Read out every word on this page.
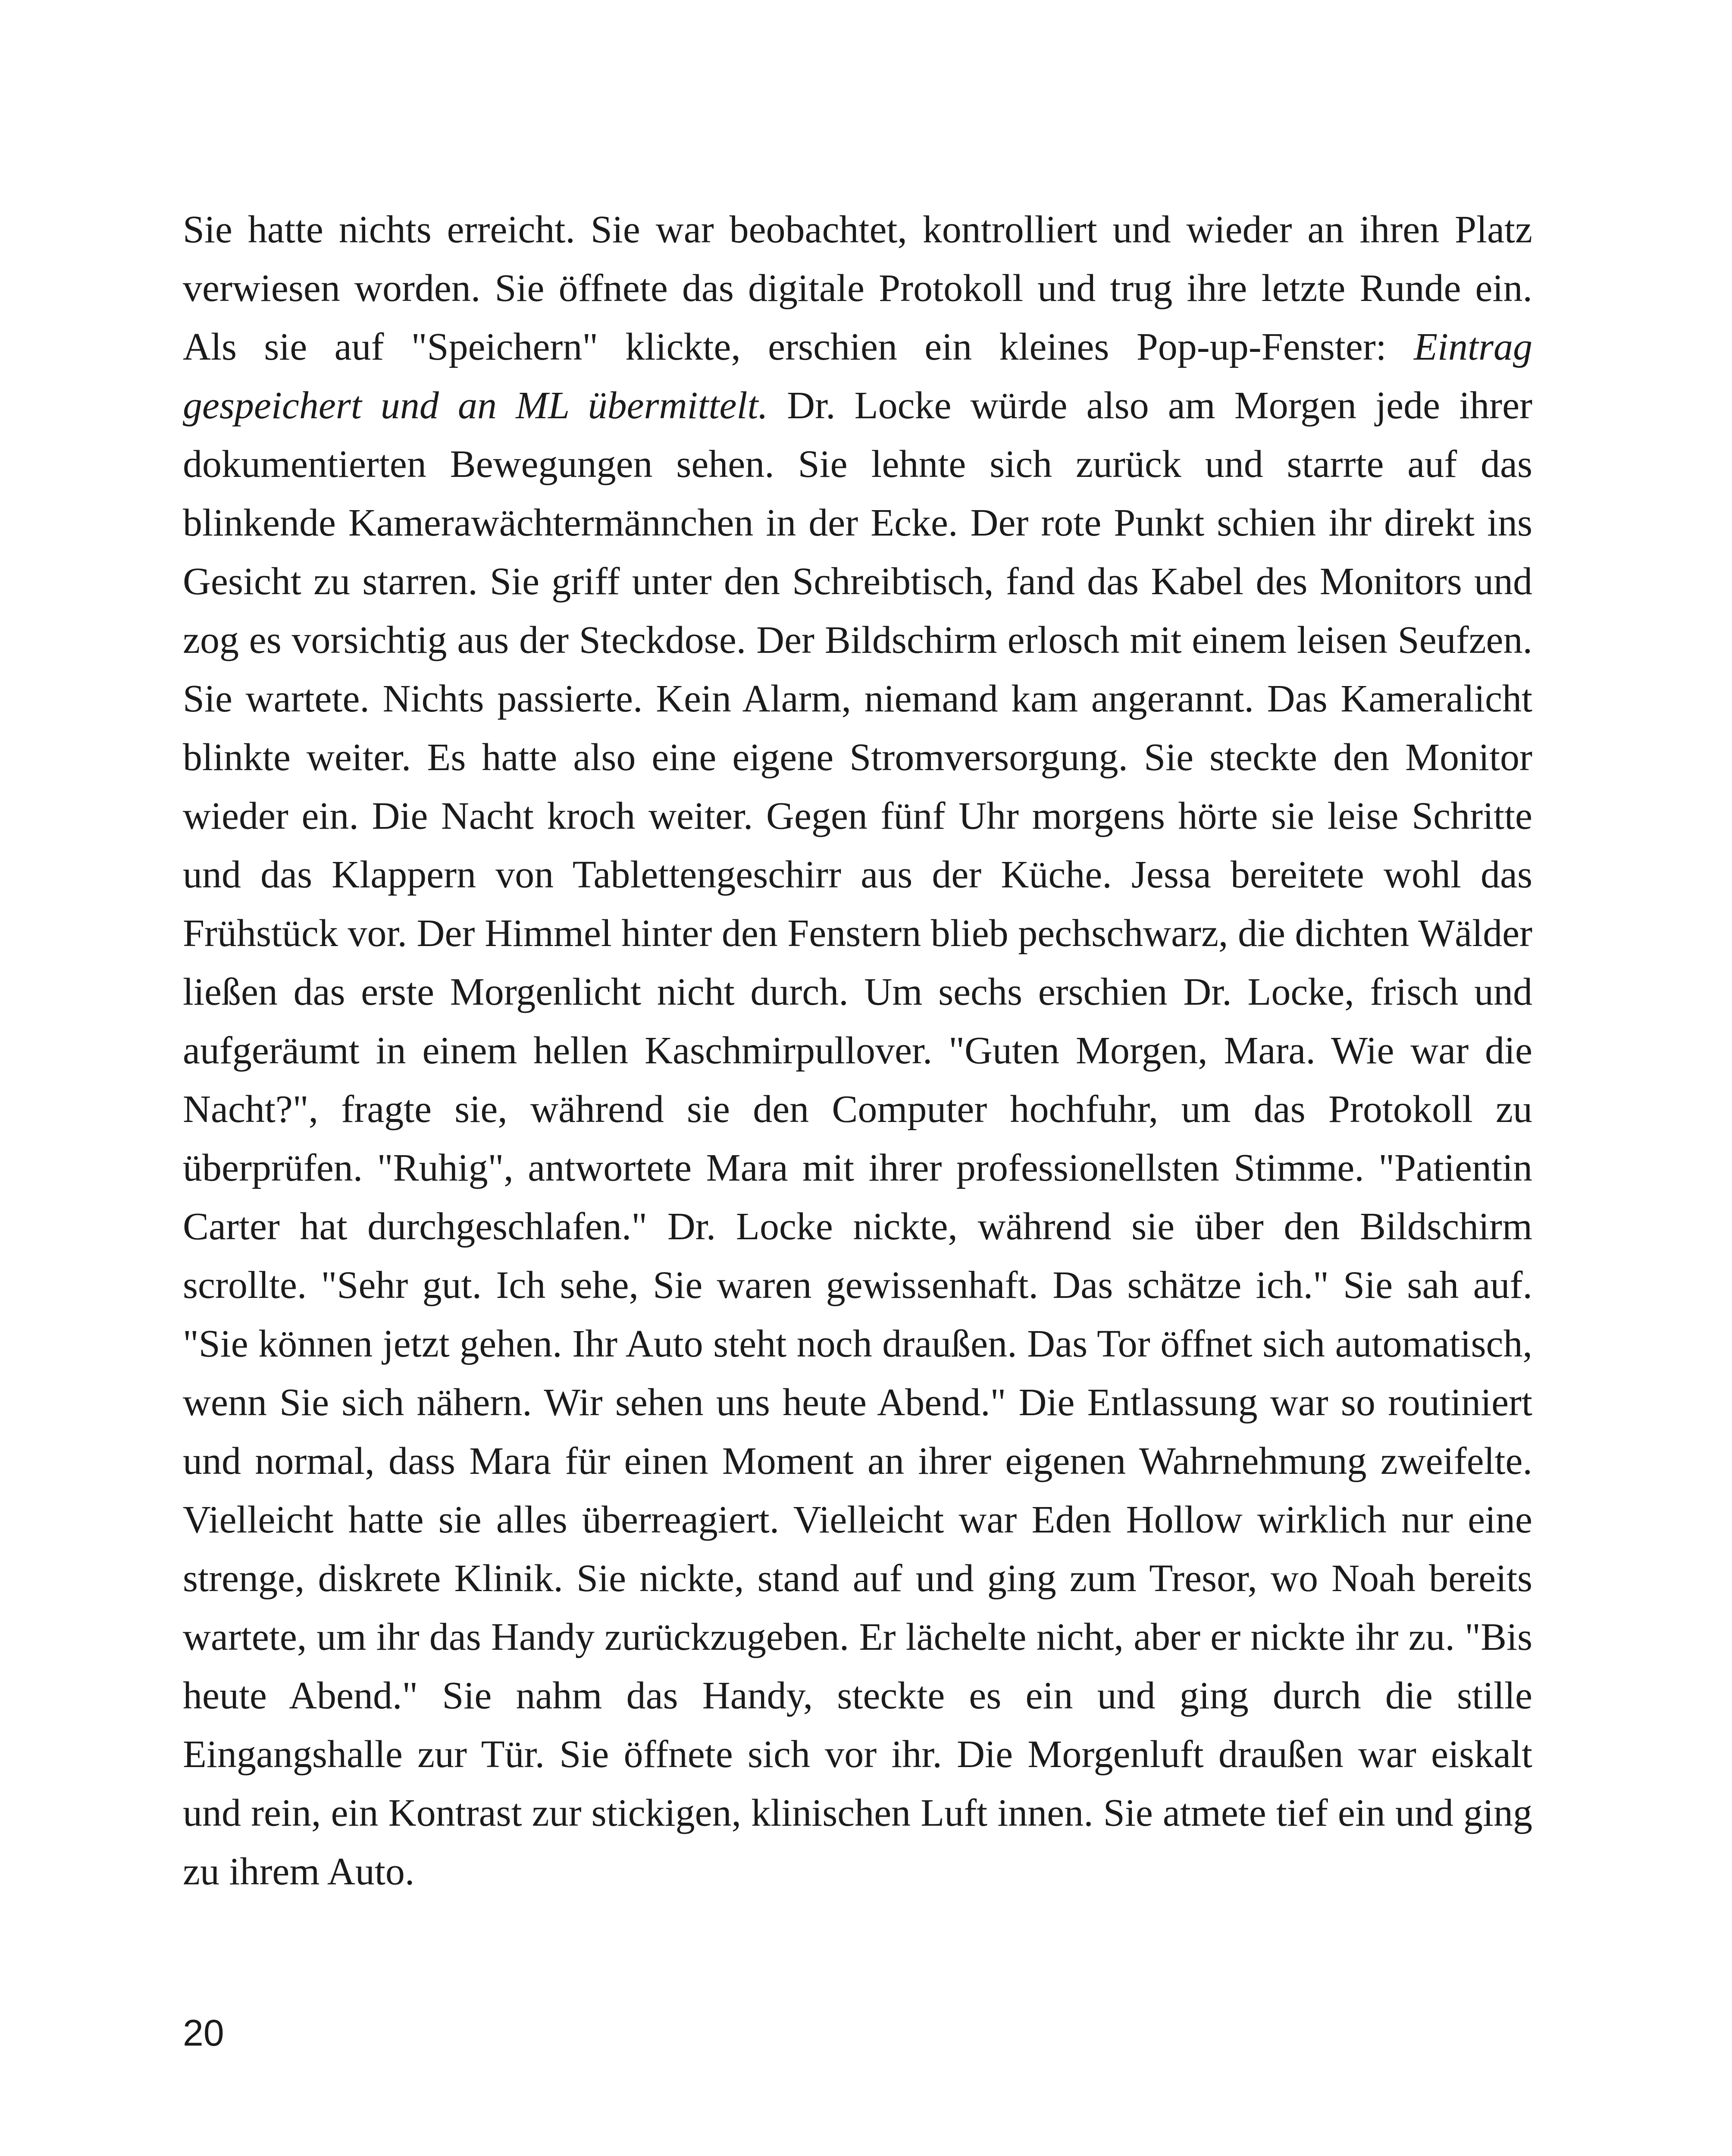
Sie hatte nichts erreicht. Sie war beobachtet, kontrolliert und wieder an ihren Platz verwiesen worden. Sie öffnete das digitale Protokoll und trug ihre letzte Runde ein. Als sie auf "Speichern" klickte, erschien ein kleines Pop-up-Fenster: Eintrag gespeichert und an ML übermittelt. Dr. Locke würde also am Morgen jede ihrer dokumentierten Bewegungen sehen. Sie lehnte sich zurück und starrte auf das blinkende Kamerawächtermännchen in der Ecke. Der rote Punkt schien ihr direkt ins Gesicht zu starren. Sie griff unter den Schreibtisch, fand das Kabel des Monitors und zog es vorsichtig aus der Steckdose. Der Bildschirm erlosch mit einem leisen Seufzen. Sie wartete. Nichts passierte. Kein Alarm, niemand kam angerannt. Das Kameralicht blinkte weiter. Es hatte also eine eigene Stromversorgung. Sie steckte den Monitor wieder ein. Die Nacht kroch weiter. Gegen fünf Uhr morgens hörte sie leise Schritte und das Klappern von Tablettengeschirr aus der Küche. Jessa bereitete wohl das Frühstück vor. Der Himmel hinter den Fenstern blieb pechschwarz, die dichten Wälder ließen das erste Morgenlicht nicht durch. Um sechs erschien Dr. Locke, frisch und aufgeräumt in einem hellen Kaschmirpullover. "Guten Morgen, Mara. Wie war die Nacht?", fragte sie, während sie den Computer hochfuhr, um das Protokoll zu überprüfen. "Ruhig", antwortete Mara mit ihrer professionellsten Stimme. "Patientin Carter hat durchgeschlafen." Dr. Locke nickte, während sie über den Bildschirm scrollte. "Sehr gut. Ich sehe, Sie waren gewissenhaft. Das schätze ich." Sie sah auf. "Sie können jetzt gehen. Ihr Auto steht noch draußen. Das Tor öffnet sich automatisch, wenn Sie sich nähern. Wir sehen uns heute Abend." Die Entlassung war so routiniert und normal, dass Mara für einen Moment an ihrer eigenen Wahrnehmung zweifelte. Vielleicht hatte sie alles überreagiert. Vielleicht war Eden Hollow wirklich nur eine strenge, diskrete Klinik. Sie nickte, stand auf und ging zum Tresor, wo Noah bereits wartete, um ihr das Handy zurückzugeben. Er lächelte nicht, aber er nickte ihr zu. "Bis heute Abend." Sie nahm das Handy, steckte es ein und ging durch die stille Eingangshalle zur Tür. Sie öffnete sich vor ihr. Die Morgenluft draußen war eiskalt und rein, ein Kontrast zur stickigen, klinischen Luft innen. Sie atmete tief ein und ging zu ihrem Auto.

20
